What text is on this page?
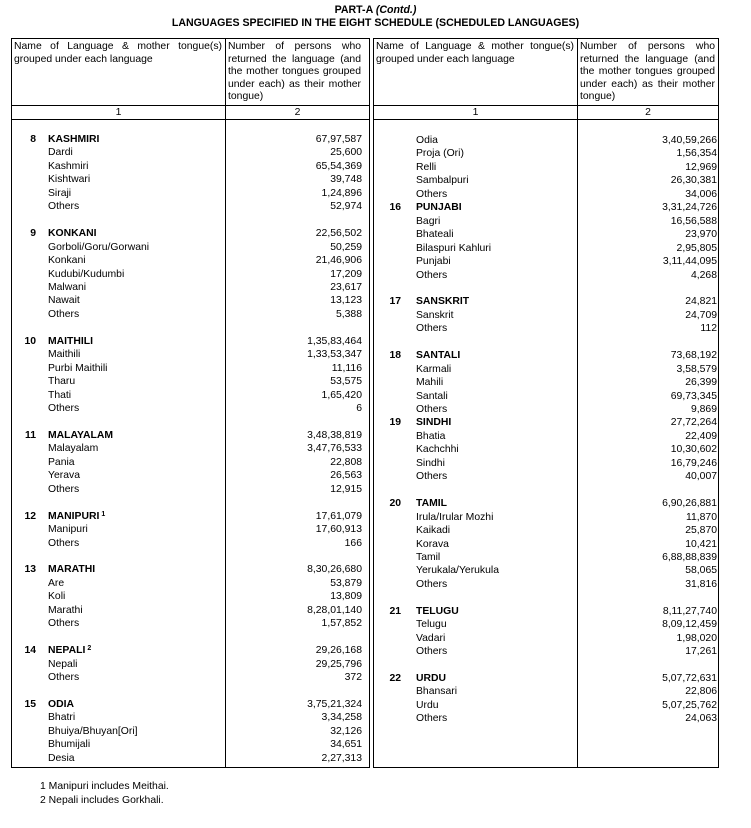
PART-A (Contd.)
LANGUAGES SPECIFIED IN THE EIGHT SCHEDULE (SCHEDULED LANGUAGES)
Name of Language & mother tongue(s) grouped under each language
Number of persons who returned the language (and the mother tongues grouped under each) as their mother tongue)
1	2
8 KASHMIRI	67,97,587
Dardi	25,600
Kashmiri	65,54,369
Kishtwari	39,748
Siraji	1,24,896
Others	52,974
9 KONKANI	22,56,502
Gorboli/Goru/Gorwani	50,259
Konkani	21,46,906
Kudubi/Kudumbi	17,209
Malwani	23,617
Nawait	13,123
Others	5,388
10 MAITHILI	1,35,83,464
Maithili	1,33,53,347
Purbi Maithili	11,116
Tharu	53,575
Thati	1,65,420
Others	6
11 MALAYALAM	3,48,38,819
Malayalam	3,47,76,533
Pania	22,808
Yerava	26,563
Others	12,915
12 MANIPURI $^1$	17,61,079
Manipuri	17,60,913
Others	166
13 MARATHI	8,30,26,680
Are	53,879
Koli	13,809
Marathi	8,28,01,140
Others	1,57,852
14 NEPALI $^2$	29,26,168
Nepali	29,25,796
Others	372
15 ODIA	3,75,21,324
Bhatri	3,34,258
Bhuiya/Bhuyan[Ori]	32,126
Bhumijali	34,651
Desia	2,27,313
Name of Language & mother tongue(s) grouped under each language
Number of persons who returned the language (and the mother tongues grouped under each) as their mother tongue)
1	2
Odia	3,40,59,266
Proja (Ori)	1,56,354
Relli	12,969
Sambalpuri	26,30,381
Others	34,006
16 PUNJABI	3,31,24,726
Bagri	16,56,588
Bhateali	23,970
Bilaspuri Kahluri	2,95,805
Punjabi	3,11,44,095
Others	4,268
17 SANSKRIT	24,821
Sanskrit	24,709
Others	112
18 SANTALI	73,68,192
Karmali	3,58,579
Mahili	26,399
Santali	69,73,345
Others	9,869
19 SINDHI	27,72,264
Bhatia	22,409
Kachchhi	10,30,602
Sindhi	16,79,246
Others	40,007
20 TAMIL	6,90,26,881
Irula/Irular Mozhi	11,870
Kaikadi	25,870
Korava	10,421
Tamil	6,88,88,839
Yerukala/Yerukula	58,065
Others	31,816
21 TELUGU	8,11,27,740
Telugu	8,09,12,459
Vadari	1,98,020
Others	17,261
22 URDU	5,07,72,631
Bhansari	22,806
Urdu	5,07,25,762
Others	24,063
1 Manipuri includes Meithai.
2 Nepali includes Gorkhali.
